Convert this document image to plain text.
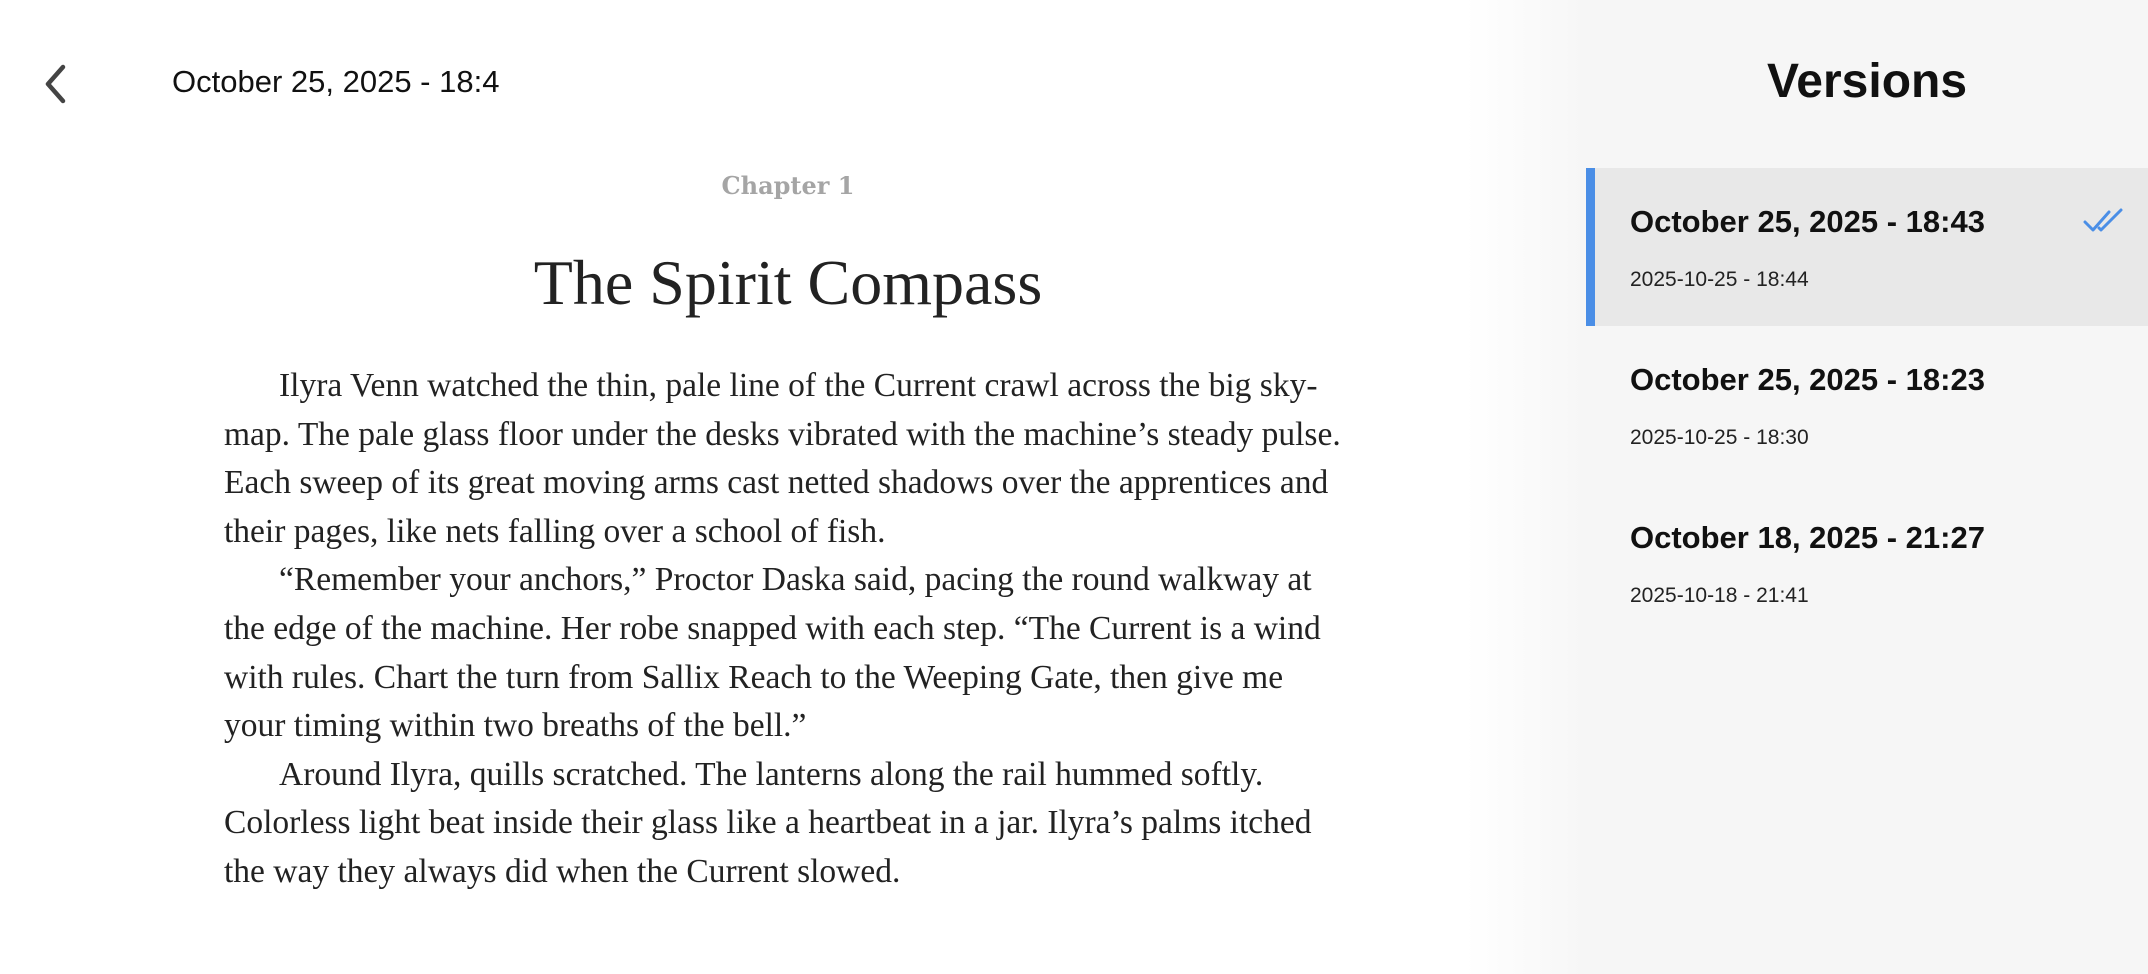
October 25, 2025 - 18:4
Chapter 1
The Spirit Compass

Ilyra Venn watched the thin, pale line of the Current crawl across the big sky-map. The pale glass floor under the desks vibrated with the machine’s steady pulse. Each sweep of its great moving arms cast netted shadows over the apprentices and their pages, like nets falling over a school of fish.

“Remember your anchors,” Proctor Daska said, pacing the round walkway at the edge of the machine. Her robe snapped with each step. “The Current is a wind with rules. Chart the turn from Sallix Reach to the Weeping Gate, then give me your timing within two breaths of the bell.”

Around Ilyra, quills scratched. The lanterns along the rail hummed softly. Colorless light beat inside their glass like a heartbeat in a jar. Ilyra’s palms itched the way they always did when the Current slowed.

Versions
October 25, 2025 - 18:43
2025-10-25 - 18:44
October 25, 2025 - 18:23
2025-10-25 - 18:30
October 18, 2025 - 21:27
2025-10-18 - 21:41
